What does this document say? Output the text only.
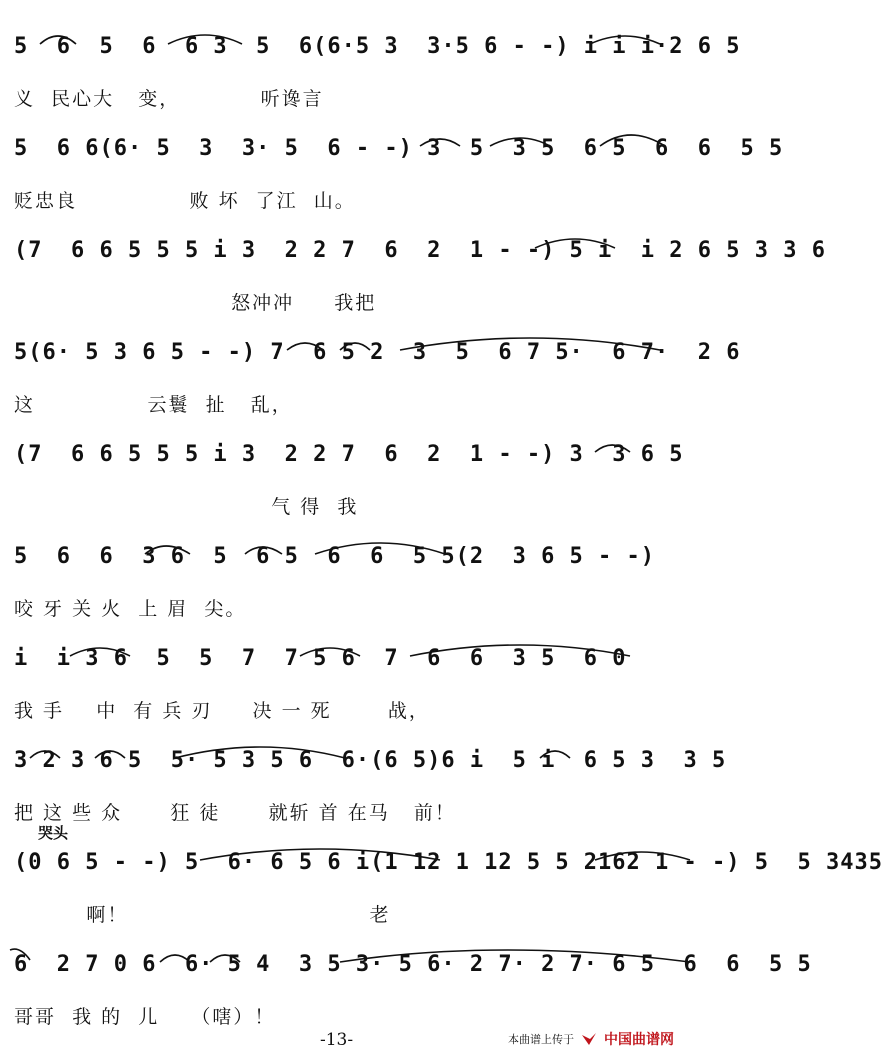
5  6  5  6  6 3  5  6(6·5 3  3·5 6 - -) i i i·2 6 5
义  民心大   变，          听谗言
5  6 6(6· 5  3  3· 5  6 - -) 3  5  3 5  6 5  6  6  5 5
贬忠良              败 坏  了江  山。
(7  6 6 5 5 5 i 3  2 2 7  6  2  1 - -) 5 i  i 2 6 5 3 3 6
怒冲冲     我把
5(6· 5 3 6 5 - -) 7  6 5 2  3  5  6 7 5·  6 7·  2 6
这              云鬟  扯   乱，
(7  6 6 5 5 5 i 3  2 2 7  6  2  1 - -) 3  3 6 5
气 得  我
5  6  6  3 6  5  6 5  6  6  5 5(2  3 6 5 - -)
咬 牙 关 火  上 眉  尖。
i  i 3 6  5  5  7  7 5 6  7  6  6  3 5  6 0
我 手    中  有 兵 刃     决 一 死       战，
3 2 3 6 5  5· 5 3 5 6  6·(6 5)6 i  5 i  6 5 3  3 5
把 这 些 众      狂 徒      就斩 首 在马   前！
(0 6 5 - -) 5  6· 6 5 6 i(1 12 1 12 5 5 2162 1 - -) 5  5 3435
啊！                              老
6  2 7 0 6  6· 5 4  3 5 3· 5 6· 2 7· 2 7· 6 5  6  6  5 5
哥哥  我 的  儿    （嗐）！
哭头
-13-	本曲谱上传于 中国曲谱网
